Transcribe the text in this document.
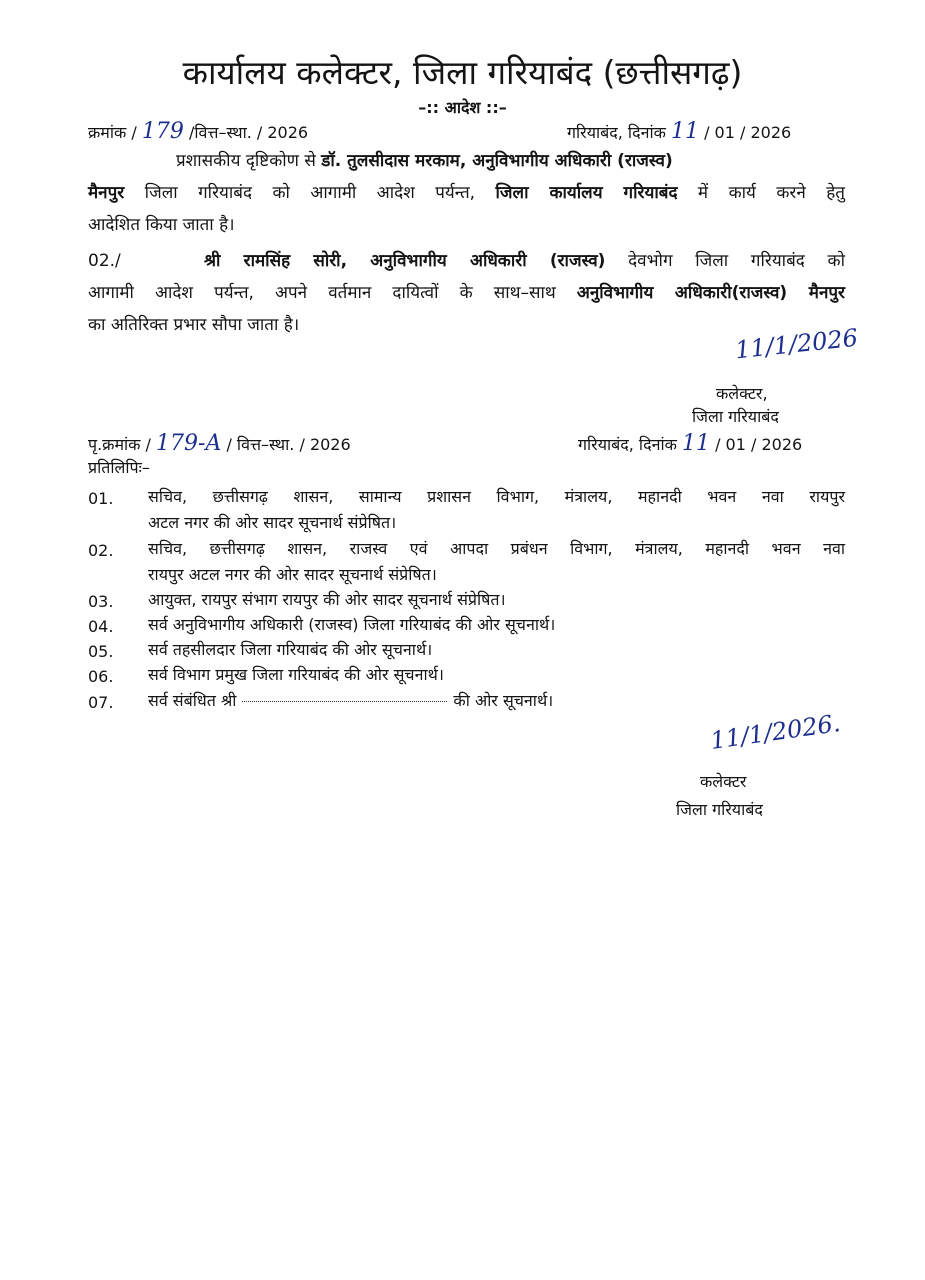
कार्यालय कलेक्टर, जिला गरियाबंद (छत्तीसगढ़)
–:: आदेश ::–
क्रमांक / 179 /वित्त–स्था. / 2026	गरियाबंद, दिनांक 11 / 01 / 2026
प्रशासकीय दृष्टिकोण से डॉ. तुलसीदास मरकाम, अनुविभागीय अधिकारी (राजस्व)
मैनपुर जिला गरियाबंद को आगामी आदेश पर्यन्त, जिला कार्यालय गरियाबंद में कार्य करने हेतु
आदेशित किया जाता है।
02./	श्री रामसिंह सोरी, अनुविभागीय अधिकारी (राजस्व) देवभोग जिला गरियाबंद को
आगामी आदेश पर्यन्त, अपने वर्तमान दायित्वों के साथ–साथ अनुविभागीय अधिकारी(राजस्व) मैनपुर
का अतिरिक्त प्रभार सौपा जाता है।	11/1/2026
कलेक्टर,
जिला गरियाबंद
पृ.क्रमांक / 179-A / वित्त–स्था. / 2026	गरियाबंद, दिनांक 11 / 01 / 2026
प्रतिलिपिः–
01. सचिव, छत्तीसगढ़ शासन, सामान्य प्रशासन विभाग, मंत्रालय, महानदी भवन नवा रायपुर
अटल नगर की ओर सादर सूचनार्थ संप्रेषित।
02. सचिव, छत्तीसगढ़ शासन, राजस्व एवं आपदा प्रबंधन विभाग, मंत्रालय, महानदी भवन नवा
रायपुर अटल नगर की ओर सादर सूचनार्थ संप्रेषित।
03. आयुक्त, रायपुर संभाग रायपुर की ओर सादर सूचनार्थ संप्रेषित।
04. सर्व अनुविभागीय अधिकारी (राजस्व) जिला गरियाबंद की ओर सूचनार्थ।
05. सर्व तहसीलदार जिला गरियाबंद की ओर सूचनार्थ।
06. सर्व विभाग प्रमुख जिला गरियाबंद की ओर सूचनार्थ।
07. सर्व संबंधित श्री	की ओर सूचनार्थ।
11/1/2026.
कलेक्टर
जिला गरियाबंद
